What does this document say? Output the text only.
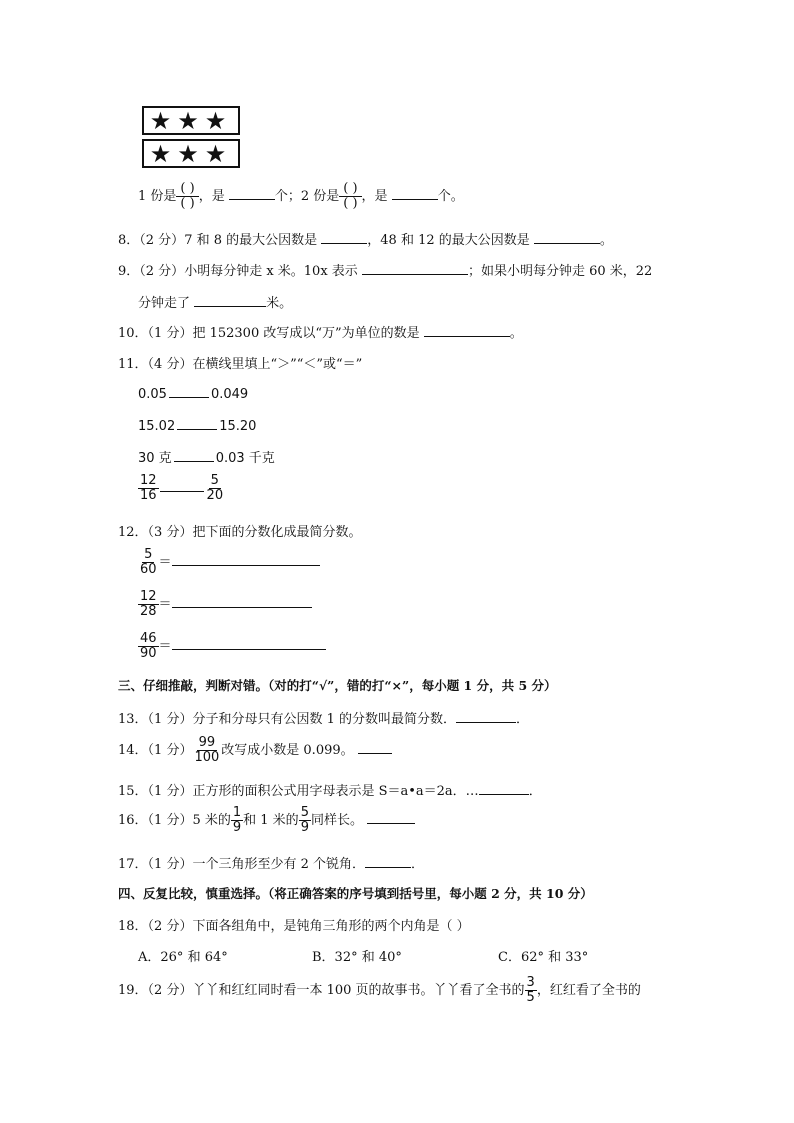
★★★
★★★
1 份是 $\frac{( )}{( )}$ ，是	个；2 份是 $\frac{( )}{( )}$ ，是	个。
8．（2 分）7 和 8 的最大公因数是	，48 和 12 的最大公因数是	。
9．（2 分）小明每分钟走 x 米。10x 表示	；如果小明每分钟走 60 米，22
分钟走了	米。
10．（1 分）把 152300 改写成以“万”为单位的数是	。
11．（4 分）在横线里填上“＞”“＜”或“＝”
0.05	0.049
15.02	15.20
30 克	0.03 千克
$\frac{12}{16}$	$\frac{5}{20}$
12．（3 分）把下面的分数化成最简分数。
$\frac{5}{60}$ ＝
$\frac{12}{28}$ ＝
$\frac{46}{90}$ ＝
三、仔细推敲，判断对错。（对的打“√”，错的打“×”，每小题 1 分，共 5 分）
13．（1 分）分子和分母只有公因数 1 的分数叫最简分数．	．
14．（1 分） $\frac{99}{100}$ 改写成小数是 0.099。
15．（1 分）正方形的面积公式用字母表示是 S＝a•a＝2a．…	．
16．（1 分）5 米的 $\frac{1}{9}$ 和 1 米的 $\frac{5}{9}$ 同样长。
17．（1 分）一个三角形至少有 2 个锐角．	．
四、反复比较，慎重选择。（将正确答案的序号填到括号里，每小题 2 分，共 10 分）
18．（2 分）下面各组角中，是钝角三角形的两个内角是（ ）
A．26° 和 64°	B．32° 和 40°	C．62° 和 33°
19．（2 分）丫丫和红红同时看一本 100 页的故事书。丫丫看了全书的 $\frac{3}{5}$ ，红红看了全书的
